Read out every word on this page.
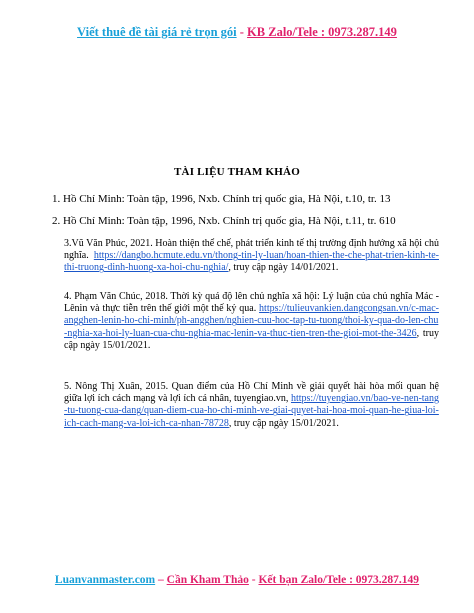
Viết thuê đề tài giá rẻ trọn gói - KB Zalo/Tele : 0973.287.149
TÀI LIỆU THAM KHẢO
1. Hồ Chí Minh: Toàn tập, 1996, Nxb. Chính trị quốc gia, Hà Nội, t.10, tr. 13
2. Hồ Chí Minh: Toàn tập, 1996, Nxb. Chính trị quốc gia, Hà Nội, t.11, tr. 610
3.Vũ Văn Phúc, 2021. Hoàn thiện thể chế, phát triển kinh tế thị trường định hướng xã hội chủ nghĩa. https://dangbo.hcmute.edu.vn/thong-tin-ly-luan/hoan-thien-the-che-phat-trien-kinh-te-thi-truong-dinh-huong-xa-hoi-chu-nghia/, truy cập ngày 14/01/2021.
4. Phạm Văn Chúc, 2018. Thời kỳ quá độ lên chủ nghĩa xã hội: Lý luận của chủ nghĩa Mác - Lênin và thực tiễn trên thế giới một thế kỷ qua. https://tulieuvankien.dangcongsan.vn/c-mac-angghen-lenin-ho-chi-minh/ph-angghen/nghien-cuu-hoc-tap-tu-tuong/thoi-ky-qua-do-len-chu-nghia-xa-hoi-ly-luan-cua-chu-nghia-mac-lenin-va-thuc-tien-tren-the-gioi-mot-the-3426, truy cập ngày 15/01/2021.
5. Nông Thị Xuân, 2015. Quan điểm của Hồ Chí Minh về giải quyết hài hòa mối quan hệ giữa lợi ích cách mạng và lợi ích cá nhân, tuyengiao.vn, https://tuyengiao.vn/bao-ve-nen-tang-tu-tuong-cua-dang/quan-diem-cua-ho-chi-minh-ve-giai-quyet-hai-hoa-moi-quan-he-giua-loi-ich-cach-mang-va-loi-ich-ca-nhan-78728, truy cập ngày 15/01/2021.
Luanvanmaster.com – Cần Kham Thảo - Kết bạn Zalo/Tele : 0973.287.149
